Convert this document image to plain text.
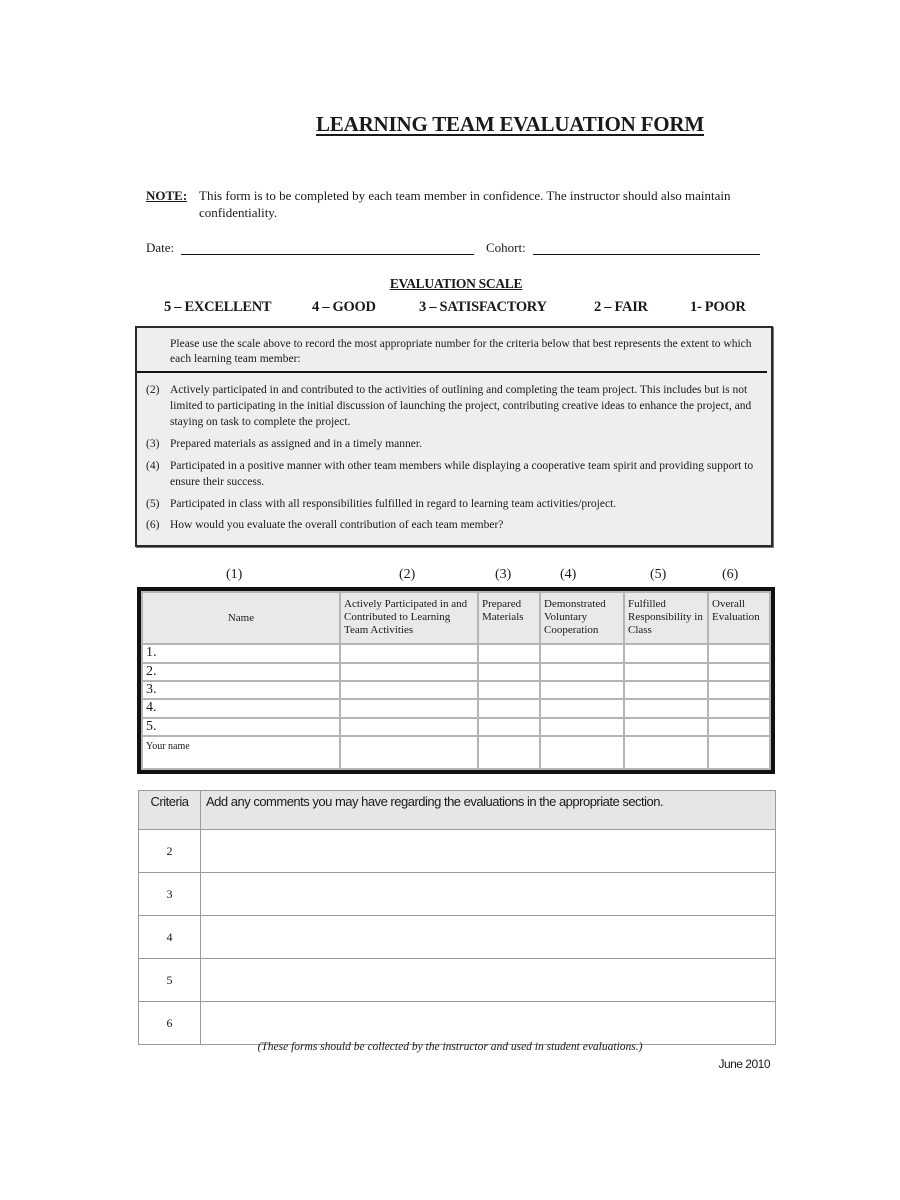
LEARNING TEAM EVALUATION FORM
NOTE: This form is to be completed by each team member in confidence. The instructor should also maintain confidentiality.
Date:	Cohort:
EVALUATION SCALE
5 – EXCELLENT	4 – GOOD	3 – SATISFACTORY	2 – FAIR	1- POOR
Please use the scale above to record the most appropriate number for the criteria below that best represents the extent to which each learning team member:
(2) Actively participated in and contributed to the activities of outlining and completing the team project. This includes but is not limited to participating in the initial discussion of launching the project, contributing creative ideas to enhance the project, and staying on task to complete the project.
(3) Prepared materials as assigned and in a timely manner.
(4) Participated in a positive manner with other team members while displaying a cooperative team spirit and providing support to ensure their success.
(5) Participated in class with all responsibilities fulfilled in regard to learning team activities/project.
(6) How would you evaluate the overall contribution of each team member?
(1)	(2)	(3)	(4)	(5)	(6)
Name	Actively Participated in and Contributed to Learning Team Activities	Prepared Materials	Demonstrated Voluntary Cooperation	Fulfilled Responsibility in Class	Overall Evaluation
1.					
2.					
3.					
4.					
5.					
Your name					
Criteria	Add any comments you may have regarding the evaluations in the appropriate section.
2	
3	
4	
5	
6	
(These forms should be collected by the instructor and used in student evaluations.)
June 2010
